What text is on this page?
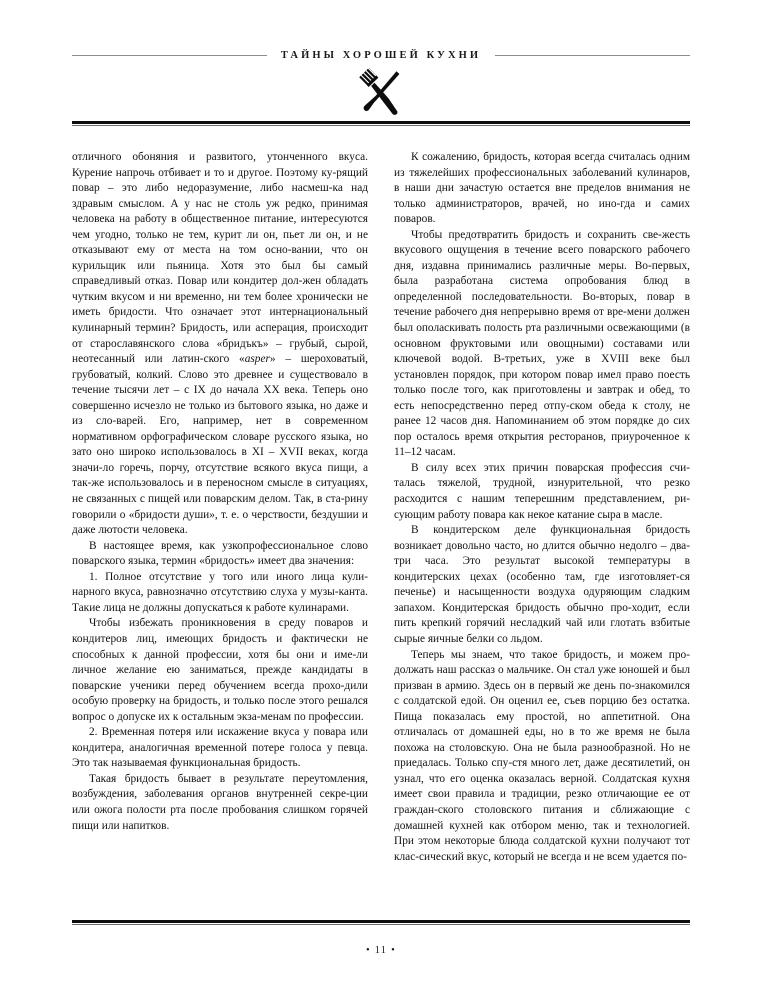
ТАЙНЫ ХОРОШЕЙ КУХНИ

отличного обоняния и развитого, утонченного вкуса. Курение напрочь отбивает и то и другое. Поэтому ку-рящий повар – это либо недоразумение, либо насмеш-ка над здравым смыслом. А у нас не столь уж редко, принимая человека на работу в общественное питание, интересуются чем угодно, только не тем, курит ли он, пьет ли он, и не отказывают ему от места на том осно-вании, что он курильщик или пьяница. Хотя это был бы самый справедливый отказ. Повар или кондитер дол-жен обладать чутким вкусом и ни временно, ни тем более хронически не иметь бридости. Что означает этот интернациональный кулинарный термин? Бридость, или асперация, происходит от старославянского слова «бридъкъ» – грубый, сырой, неотесанный или латин-ского «asper» – шероховатый, грубоватый, колкий. Слово это древнее и существовало в течение тысячи лет – с IX до начала XX века. Теперь оно совершенно исчезло не только из бытового языка, но даже и из сло-варей. Его, например, нет в современном нормативном орфографическом словаре русского языка, но зато оно широко использовалось в XI – XVII веках, когда значи-ло горечь, порчу, отсутствие всякого вкуса пищи, а так-же использовалось и в переносном смысле в ситуациях, не связанных с пищей или поварским делом. Так, в ста-рину говорили о «бридости души», т. е. о черствости, бездушии и даже лютости человека.

В настоящее время, как узкопрофессиональное слово поварского языка, термин «бридость» имеет два значения:

1. Полное отсутствие у того или иного лица кули-нарного вкуса, равнозначно отсутствию слуха у музы-канта. Такие лица не должны допускаться к работе кулинарами.

Чтобы избежать проникновения в среду поваров и кондитеров лиц, имеющих бридость и фактически не способных к данной профессии, хотя бы они и име-ли личное желание ею заниматься, прежде кандидаты в поварские ученики перед обучением всегда прохо-дили особую проверку на бридость, и только после этого решался вопрос о допуске их к остальным экза-менам по профессии.

2. Временная потеря или искажение вкуса у повара или кондитера, аналогичная временной потере голоса у певца. Это так называемая функциональная бридость.

Такая бридость бывает в результате переутомления, возбуждения, заболевания органов внутренней секре-ции или ожога полости рта после пробования слишком горячей пищи или напитков.

К сожалению, бридость, которая всегда считалась одним из тяжелейших профессиональных заболеваний кулинаров, в наши дни зачастую остается вне пределов внимания не только администраторов, врачей, но ино-гда и самих поваров.

Чтобы предотвратить бридость и сохранить све-жесть вкусового ощущения в течение всего поварского рабочего дня, издавна принимались различные меры. Во-первых, была разработана система опробования блюд в определенной последовательности. Во-вторых, повар в течение рабочего дня непрерывно время от вре-мени должен был ополаскивать полость рта различными освежающими (в основном фруктовыми или овощными) составами или ключевой водой. В-третьих, уже в XVIII веке был установлен порядок, при котором повар имел право поесть только после того, как приготовлены и завтрак и обед, то есть непосредственно перед отпу-ском обеда к столу, не ранее 12 часов дня. Напоминанием об этом порядке до сих пор осталось время открытия ресторанов, приуроченное к 11–12 часам.

В силу всех этих причин поварская профессия счи-талась тяжелой, трудной, изнурительной, что резко расходится с нашим теперешним представлением, ри-сующим работу повара как некое катание сыра в масле.

В кондитерском деле функциональная бридость возникает довольно часто, но длится обычно недолго – два-три часа. Это результат высокой температуры в кондитерских цехах (особенно там, где изготовляет-ся печенье) и насыщенности воздуха одуряющим сладким запахом. Кондитерская бридость обычно про-ходит, если пить крепкий горячий несладкий чай или глотать взбитые сырые яичные белки со льдом.

Теперь мы знаем, что такое бридость, и можем про-должать наш рассказ о мальчике. Он стал уже юношей и был призван в армию. Здесь он в первый же день по-знакомился с солдатской едой. Он оценил ее, съев порцию без остатка. Пища показалась ему простой, но аппетитной. Она отличалась от домашней еды, но в то же время не была похожа на столовскую. Она не была разнообразной. Но не приедалась. Только спу-стя много лет, даже десятилетий, он узнал, что его оценка оказалась верной. Солдатская кухня имеет свои правила и традиции, резко отличающие ее от граждан-ского столовского питания и сближающие с домашней кухней как отбором меню, так и технологией. При этом некоторые блюда солдатской кухни получают тот клас-сический вкус, который не всегда и не всем удается по-

• 11 •
